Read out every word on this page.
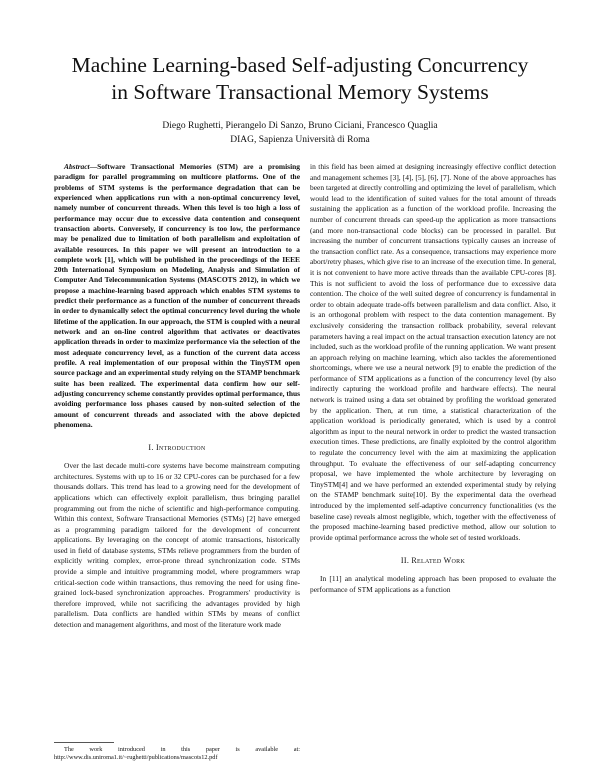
Machine Learning-based Self-adjusting Concurrency
in Software Transactional Memory Systems
Diego Rughetti, Pierangelo Di Sanzo, Bruno Ciciani, Francesco Quaglia
DIAG, Sapienza Università di Roma

Abstract—Software Transactional Memories (STM) are a promising paradigm for parallel programming on multicore platforms. One of the problems of STM systems is the performance degradation that can be experienced when applications run with a non-optimal concurrency level, namely number of concurrent threads. When this level is too high a loss of performance may occur due to excessive data contention and consequent transaction aborts. Conversely, if concurrency is too low, the performance may be penalized due to limitation of both parallelism and exploitation of available resources. In this paper we will present an introduction to a complete work [1], which will be published in the proceedings of the IEEE 20th International Symposium on Modeling, Analysis and Simulation of Computer And Telecommunication Systems (MASCOTS 2012), in which we propose a machine-learning based approach which enables STM systems to predict their performance as a function of the number of concurrent threads in order to dynamically select the optimal concurrency level during the whole lifetime of the application. In our approach, the STM is coupled with a neural network and an on-line control algorithm that activates or deactivates application threads in order to maximize performance via the selection of the most adequate concurrency level, as a function of the current data access profile. A real implementation of our proposal within the TinySTM open source package and an experimental study relying on the STAMP benchmark suite has been realized. The experimental data confirm how our self-adjusting concurrency scheme constantly provides optimal performance, thus avoiding performance loss phases caused by non-suited selection of the amount of concurrent threads and associated with the above depicted phenomena.

I. Introduction

Over the last decade multi-core systems have become mainstream computing architectures. Systems with up to 16 or 32 CPU-cores can be purchased for a few thousands dollars. This trend has lead to a growing need for the development of applications which can effectively exploit parallelism, thus bringing parallel programming out from the niche of scientific and high-performance computing. Within this context, Software Transactional Memories (STMs) [2] have emerged as a programming paradigm tailored for the development of concurrent applications. By leveraging on the concept of atomic transactions, historically used in field of database systems, STMs relieve programmers from the burden of explicitly writing complex, error-prone thread synchronization code. STMs provide a simple and intuitive programming model, where programmers wrap critical-section code within transactions, thus removing the need for using fine-grained lock-based synchronization approaches. Programmers' productivity is therefore improved, while not sacrificing the advantages provided by high parallelism. Data conflicts are handled within STMs by means of conflict detection and management algorithms, and most of the literature work made

in this field has been aimed at designing increasingly effective conflict detection and management schemes [3], [4], [5], [6], [7]. None of the above approaches has been targeted at directly controlling and optimizing the level of parallelism, which would lead to the identification of suited values for the total amount of threads sustaining the application as a function of the workload profile. Increasing the number of concurrent threads can speed-up the application as more transactions (and more non-transactional code blocks) can be processed in parallel. But increasing the number of concurrent transactions typically causes an increase of the transaction conflict rate. As a consequence, transactions may experience more abort/retry phases, which give rise to an increase of the execution time. In general, it is not convenient to have more active threads than the available CPU-cores [8]. This is not sufficient to avoid the loss of performance due to excessive data contention. The choice of the well suited degree of concurrency is fundamental in order to obtain adequate trade-offs between parallelism and data conflict. Also, it is an orthogonal problem with respect to the data contention management. By exclusively considering the transaction rollback probability, several relevant parameters having a real impact on the actual transaction execution latency are not included, such as the workload profile of the running application. We want present an approach relying on machine learning, which also tackles the aforementioned shortcomings, where we use a neural network [9] to enable the prediction of the performance of STM applications as a function of the concurrency level (by also indirectly capturing the workload profile and hardware effects). The neural network is trained using a data set obtained by profiling the workload generated by the application. Then, at run time, a statistical characterization of the application workload is periodically generated, which is used by a control algorithm as input to the neural network in order to predict the wasted transaction execution times. These predictions, are finally exploited by the control algorithm to regulate the concurrency level with the aim at maximizing the application throughput. To evaluate the effectiveness of our self-adapting concurrency proposal, we have implemented the whole architecture by leveraging on TinySTM[4] and we have performed an extended experimental study by relying on the STAMP benchmark suite[10]. By the experimental data the overhead introduced by the implemented self-adaptive concurrency functionalities (vs the baseline case) reveals almost negligible, which, together with the effectiveness of the proposed machine-learning based predictive method, allow our solution to provide optimal performance across the whole set of tested workloads.

II. Related Work

In [11] an analytical modeling approach has been proposed to evaluate the performance of STM applications as a function

The work introduced in this paper is available at: http://www.dis.uniroma1.it/~rughetti/publications/mascots12.pdf
